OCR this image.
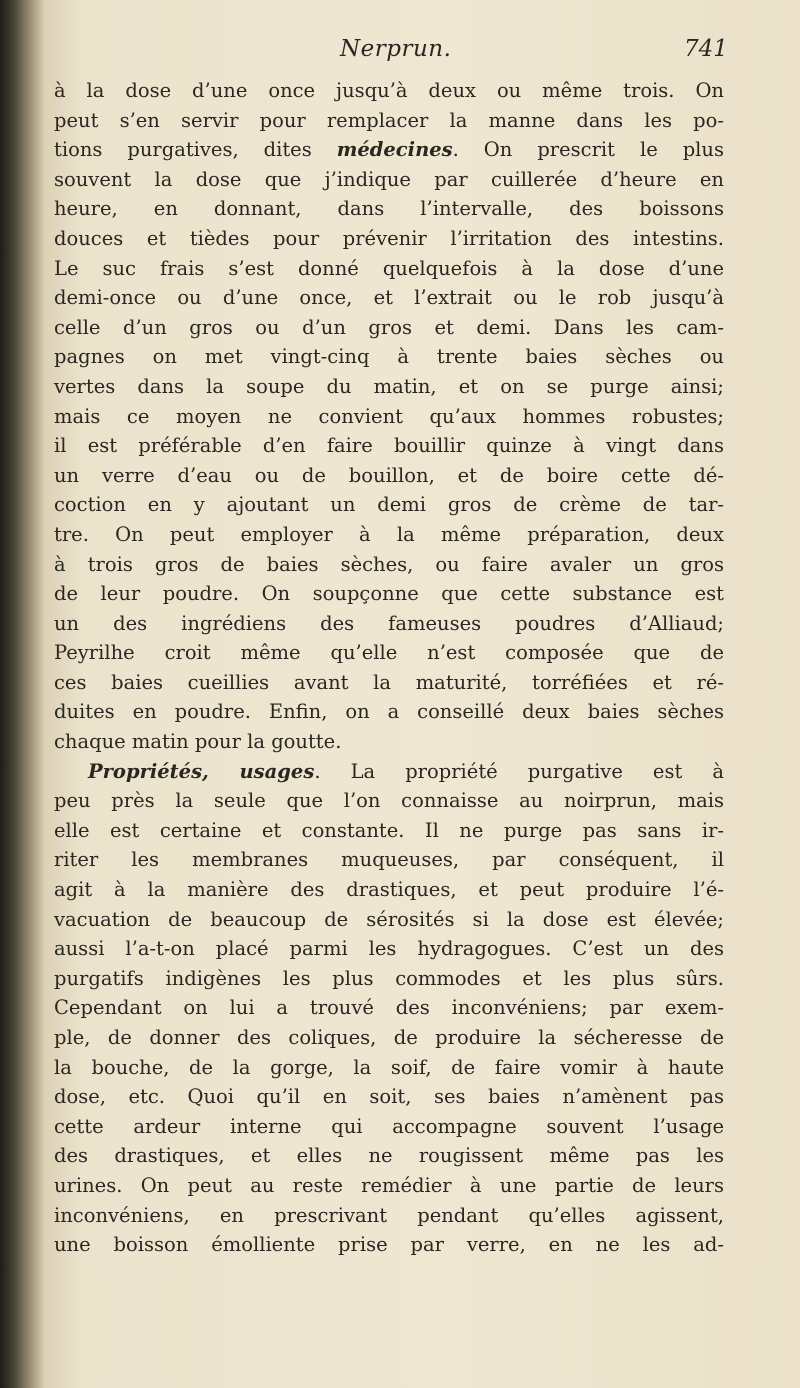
Nerprun.	741
à la dose d’une once jusqu’à deux ou même trois. On
peut s’en servir pour remplacer la manne dans les po-
tions purgatives, dites médecines. On prescrit le plus
souvent la dose que j’indique par cuillerée d’heure en
heure, en donnant, dans l’intervalle, des boissons
douces et tièdes pour prévenir l’irritation des intestins.
Le suc frais s’est donné quelquefois à la dose d’une
demi-once ou d’une once, et l’extrait ou le rob jusqu’à
celle d’un gros ou d’un gros et demi. Dans les cam-
pagnes on met vingt-cinq à trente baies sèches ou
vertes dans la soupe du matin, et on se purge ainsi;
mais ce moyen ne convient qu’aux hommes robustes;
il est préférable d’en faire bouillir quinze à vingt dans
un verre d’eau ou de bouillon, et de boire cette dé-
coction en y ajoutant un demi gros de crème de tar-
tre. On peut employer à la même préparation, deux
à trois gros de baies sèches, ou faire avaler un gros
de leur poudre. On soupçonne que cette substance est
un des ingrédiens des fameuses poudres d’Alliaud;
Peyrilhe croit même qu’elle n’est composée que de
ces baies cueillies avant la maturité, torréfiées et ré-
duites en poudre. Enfin, on a conseillé deux baies sèches
chaque matin pour la goutte.
Propriétés, usages. La propriété purgative est à
peu près la seule que l’on connaisse au noirprun, mais
elle est certaine et constante. Il ne purge pas sans ir-
riter les membranes muqueuses, par conséquent, il
agit à la manière des drastiques, et peut produire l’é-
vacuation de beaucoup de sérosités si la dose est élevée;
aussi l’a-t-on placé parmi les hydragogues. C’est un des
purgatifs indigènes les plus commodes et les plus sûrs.
Cependant on lui a trouvé des inconvéniens; par exem-
ple, de donner des coliques, de produire la sécheresse de
la bouche, de la gorge, la soif, de faire vomir à haute
dose, etc. Quoi qu’il en soit, ses baies n’amènent pas
cette ardeur interne qui accompagne souvent l’usage
des drastiques, et elles ne rougissent même pas les
urines. On peut au reste remédier à une partie de leurs
inconvéniens, en prescrivant pendant qu’elles agissent,
une boisson émolliente prise par verre, en ne les ad-
